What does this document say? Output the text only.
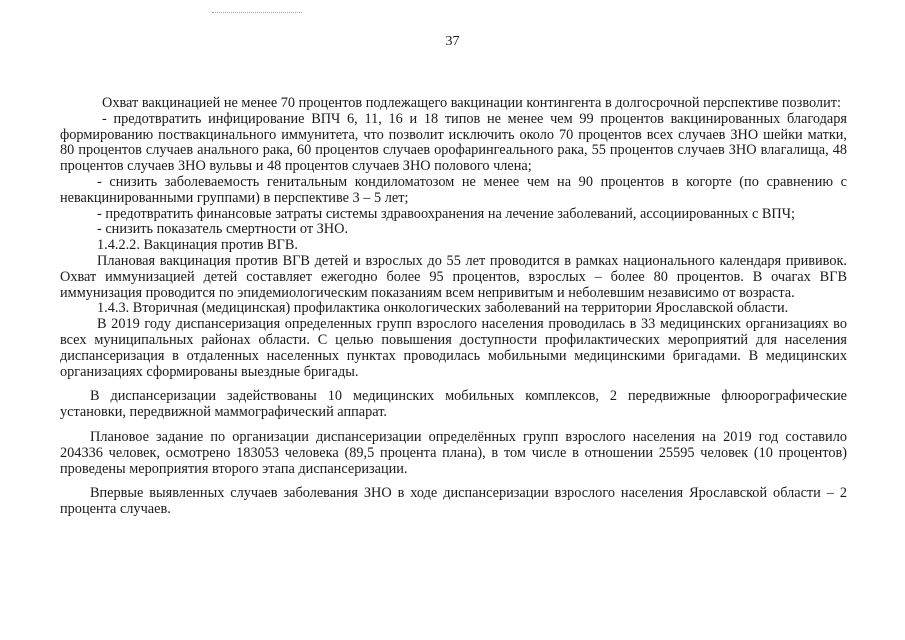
37

Охват вакцинацией не менее 70 процентов подлежащего вакцинации контингента в долгосрочной перспективе позволит:

- предотвратить инфицирование ВПЧ 6, 11, 16 и 18 типов не менее чем 99 процентов вакцинированных благодаря формированию поствакцинального иммунитета, что позволит исключить около 70 процентов всех случаев ЗНО шейки матки, 80 процентов случаев анального рака, 60 процентов случаев орофарингеального рака, 55 процентов случаев ЗНО влагалища, 48 процентов случаев ЗНО вульвы и 48 процентов случаев ЗНО полового члена;

- снизить заболеваемость генитальным кондиломатозом не менее чем на 90 процентов в когорте (по сравнению с невакцинированными группами) в перспективе 3 – 5 лет;

- предотвратить финансовые затраты системы здравоохранения на лечение заболеваний, ассоциированных с ВПЧ;

- снизить показатель смертности от ЗНО.

1.4.2.2. Вакцинация против ВГВ.

Плановая вакцинация против ВГВ детей и взрослых до 55 лет проводится в рамках национального календаря прививок. Охват иммунизацией детей составляет ежегодно более 95 процентов, взрослых – более 80 процентов. В очагах ВГВ иммунизация проводится по эпидемиологическим показаниям всем непривитым и неболевшим независимо от возраста.

1.4.3. Вторичная (медицинская) профилактика онкологических заболеваний на территории Ярославской области.

В 2019 году диспансеризация определенных групп взрослого населения проводилась в 33 медицинских организациях во всех муниципальных районах области. С целью повышения доступности профилактических мероприятий для населения диспансеризация в отдаленных населенных пунктах проводилась мобильными медицинскими бригадами. В медицинских организациях сформированы выездные бригады.

В диспансеризации задействованы 10 медицинских мобильных комплексов, 2 передвижные флюорографические установки, передвижной маммографический аппарат.

Плановое задание по организации диспансеризации определённых групп взрослого населения на 2019 год составило 204336 человек, осмотрено 183053 человека (89,5 процента плана), в том числе в отношении 25595 человек (10 процентов) проведены мероприятия второго этапа диспансеризации.

Впервые выявленных случаев заболевания ЗНО в ходе диспансеризации взрослого населения Ярославской области – 2 процента случаев.
